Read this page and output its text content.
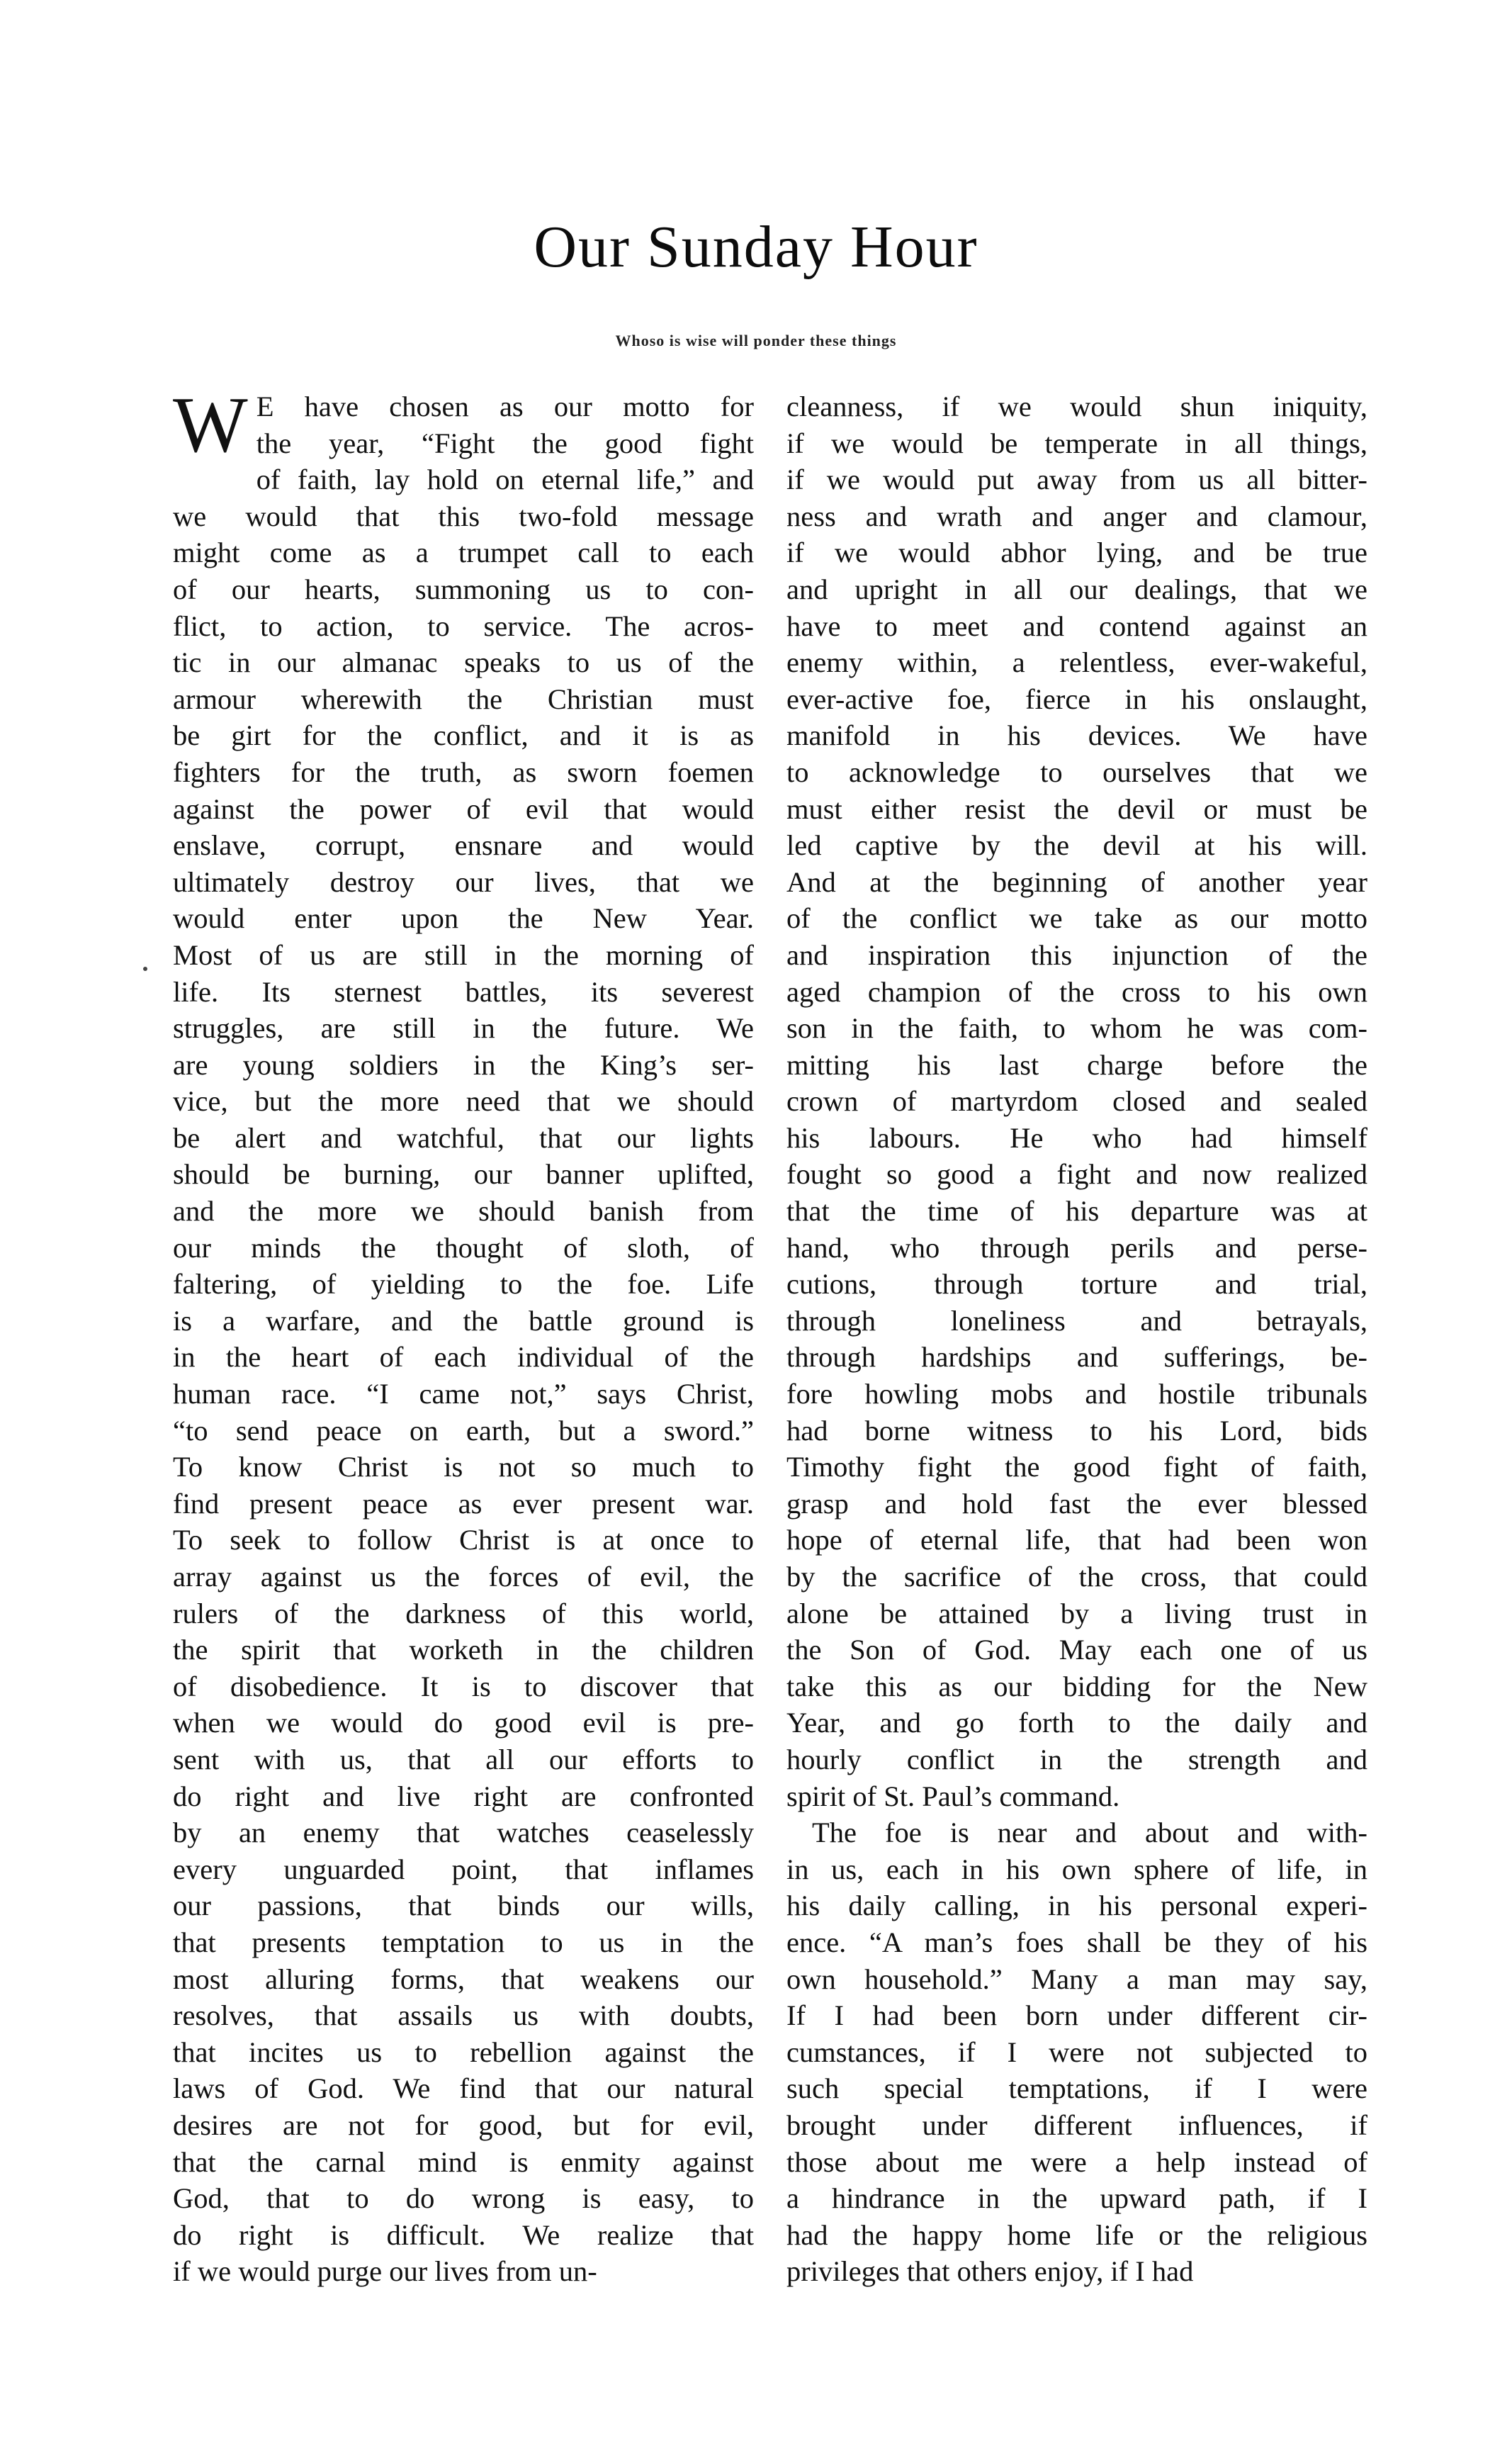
Our Sunday Hour
Whoso is wise will ponder these things
W E have chosen as our motto for
the year, “Fight the good fight
of faith, lay hold on eternal life,” and
we would that this two-fold message
might come as a trumpet call to each
of our hearts, summoning us to con-
flict, to action, to service. The acros-
tic in our almanac speaks to us of the
armour wherewith the Christian must
be girt for the conflict, and it is as
fighters for the truth, as sworn foemen
against the power of evil that would
enslave, corrupt, ensnare and would
ultimately destroy our lives, that we
would enter upon the New Year.
Most of us are still in the morning of
life. Its sternest battles, its severest
struggles, are still in the future. We
are young soldiers in the King’s ser-
vice, but the more need that we should
be alert and watchful, that our lights
should be burning, our banner uplifted,
and the more we should banish from
our minds the thought of sloth, of
faltering, of yielding to the foe. Life
is a warfare, and the battle ground is
in the heart of each individual of the
human race. “I came not,” says Christ,
“to send peace on earth, but a sword.”
To know Christ is not so much to
find present peace as ever present war.
To seek to follow Christ is at once to
array against us the forces of evil, the
rulers of the darkness of this world,
the spirit that worketh in the children
of disobedience. It is to discover that
when we would do good evil is pre-
sent with us, that all our efforts to
do right and live right are confronted
by an enemy that watches ceaselessly
every unguarded point, that inflames
our passions, that binds our wills,
that presents temptation to us in the
most alluring forms, that weakens our
resolves, that assails us with doubts,
that incites us to rebellion against the
laws of God. We find that our natural
desires are not for good, but for evil,
that the carnal mind is enmity against
God, that to do wrong is easy, to
do right is difficult. We realize that
if we would purge our lives from un-
cleanness, if we would shun iniquity,
if we would be temperate in all things,
if we would put away from us all bitter-
ness and wrath and anger and clamour,
if we would abhor lying, and be true
and upright in all our dealings, that we
have to meet and contend against an
enemy within, a relentless, ever-wakeful,
ever-active foe, fierce in his onslaught,
manifold in his devices. We have
to acknowledge to ourselves that we
must either resist the devil or must be
led captive by the devil at his will.
And at the beginning of another year
of the conflict we take as our motto
and inspiration this injunction of the
aged champion of the cross to his own
son in the faith, to whom he was com-
mitting his last charge before the
crown of martyrdom closed and sealed
his labours. He who had himself
fought so good a fight and now realized
that the time of his departure was at
hand, who through perils and perse-
cutions, through torture and trial,
through loneliness and betrayals,
through hardships and sufferings, be-
fore howling mobs and hostile tribunals
had borne witness to his Lord, bids
Timothy fight the good fight of faith,
grasp and hold fast the ever blessed
hope of eternal life, that had been won
by the sacrifice of the cross, that could
alone be attained by a living trust in
the Son of God. May each one of us
take this as our bidding for the New
Year, and go forth to the daily and
hourly conflict in the strength and
spirit of St. Paul’s command.
The foe is near and about and with-
in us, each in his own sphere of life, in
his daily calling, in his personal experi-
ence. “A man’s foes shall be they of his
own household.” Many a man may say,
If I had been born under different cir-
cumstances, if I were not subjected to
such special temptations, if I were
brought under different influences, if
those about me were a help instead of
a hindrance in the upward path, if I
had the happy home life or the religious
privileges that others enjoy, if I had
